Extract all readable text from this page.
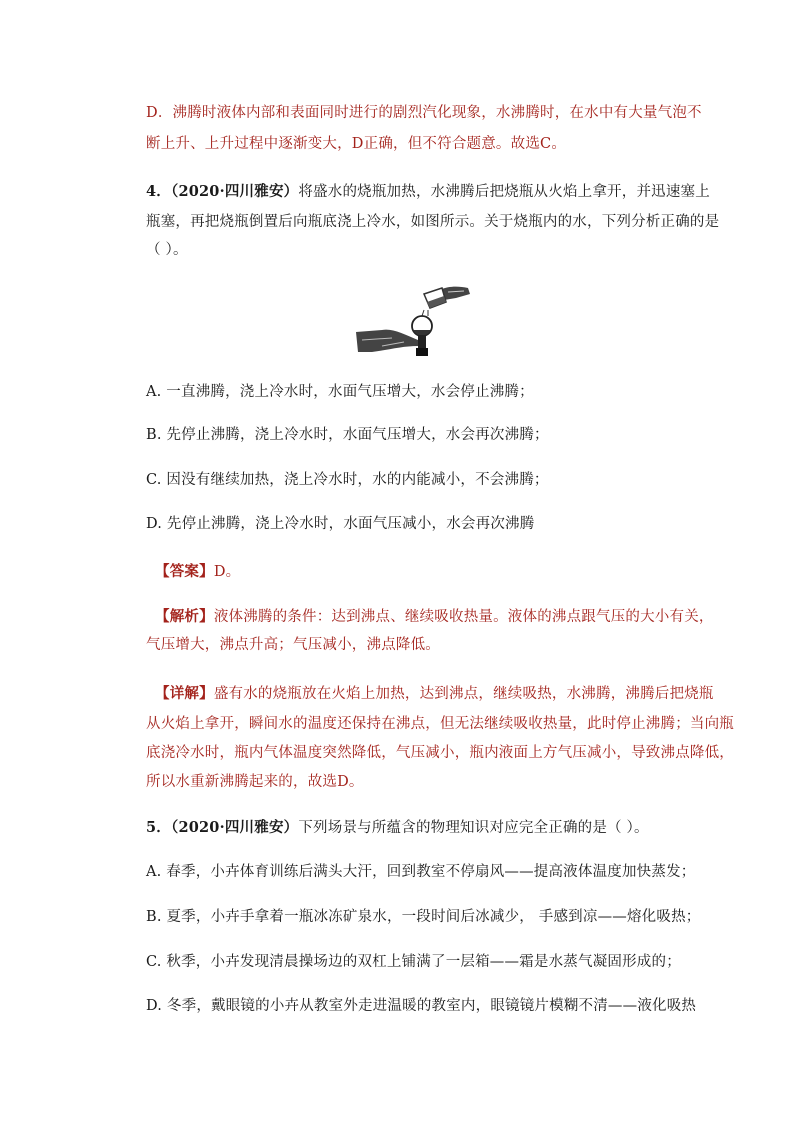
D．沸腾时液体内部和表面同时进行的剧烈汽化现象，水沸腾时，在水中有大量气泡不
断上升、上升过程中逐渐变大，D正确，但不符合题意。故选C。
4．（2020·四川雅安）将盛水的烧瓶加热，水沸腾后把烧瓶从火焰上拿开，并迅速塞上
瓶塞，再把烧瓶倒置后向瓶底浇上冷水，如图所示。关于烧瓶内的水，下列分析正确的是
（ ）。
A. 一直沸腾，浇上冷水时，水面气压增大，水会停止沸腾；
B. 先停止沸腾，浇上冷水时，水面气压增大，水会再次沸腾；
C. 因没有继续加热，浇上冷水时，水的内能减小，不会沸腾；
D. 先停止沸腾，浇上冷水时，水面气压减小，水会再次沸腾
【答案】D。
【解析】液体沸腾的条件：达到沸点、继续吸收热量。液体的沸点跟气压的大小有关，
气压增大，沸点升高；气压减小，沸点降低。
【详解】盛有水的烧瓶放在火焰上加热，达到沸点，继续吸热，水沸腾，沸腾后把烧瓶
从火焰上拿开，瞬间水的温度还保持在沸点，但无法继续吸收热量，此时停止沸腾；当向瓶
底浇冷水时，瓶内气体温度突然降低，气压减小，瓶内液面上方气压减小，导致沸点降低，
所以水重新沸腾起来的，故选D。
5．（2020·四川雅安）下列场景与所蕴含的物理知识对应完全正确的是（ ）。
A. 春季，小卉体育训练后满头大汗，回到教室不停扇风——提高液体温度加快蒸发；
B. 夏季，小卉手拿着一瓶冰冻矿泉水，一段时间后冰减少， 手感到凉——熔化吸热；
C. 秋季，小卉发现清晨操场边的双杠上铺满了一层箱——霜是水蒸气凝固形成的；
D. 冬季，戴眼镜的小卉从教室外走进温暖的教室内，眼镜镜片模糊不清——液化吸热
